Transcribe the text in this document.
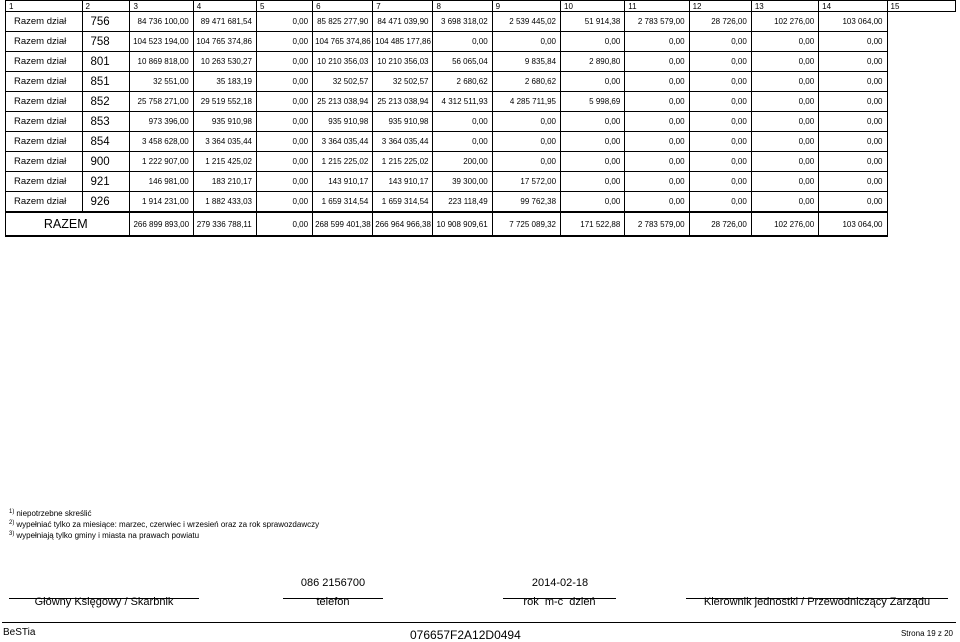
1	2	3	4	5	6	7	8	9	10	11	12	13	14	15
Razem dział	756	84 736 100,00	89 471 681,54	0,00	85 825 277,90	84 471 039,90	3 698 318,02	2 539 445,02	51 914,38	2 783 579,00	28 726,00	102 276,00	103 064,00	
Razem dział	758	104 523 194,00	104 765 374,86	0,00	104 765 374,86	104 485 177,86	0,00	0,00	0,00	0,00	0,00	0,00	0,00	
Razem dział	801	10 869 818,00	10 263 530,27	0,00	10 210 356,03	10 210 356,03	56 065,04	9 835,84	2 890,80	0,00	0,00	0,00	0,00	
Razem dział	851	32 551,00	35 183,19	0,00	32 502,57	32 502,57	2 680,62	2 680,62	0,00	0,00	0,00	0,00	0,00	
Razem dział	852	25 758 271,00	29 519 552,18	0,00	25 213 038,94	25 213 038,94	4 312 511,93	4 285 711,95	5 998,69	0,00	0,00	0,00	0,00	
Razem dział	853	973 396,00	935 910,98	0,00	935 910,98	935 910,98	0,00	0,00	0,00	0,00	0,00	0,00	0,00	
Razem dział	854	3 458 628,00	3 364 035,44	0,00	3 364 035,44	3 364 035,44	0,00	0,00	0,00	0,00	0,00	0,00	0,00	
Razem dział	900	1 222 907,00	1 215 425,02	0,00	1 215 225,02	1 215 225,02	200,00	0,00	0,00	0,00	0,00	0,00	0,00	
Razem dział	921	146 981,00	183 210,17	0,00	143 910,17	143 910,17	39 300,00	17 572,00	0,00	0,00	0,00	0,00	0,00	
Razem dział	926	1 914 231,00	1 882 433,03	0,00	1 659 314,54	1 659 314,54	223 118,49	99 762,38	0,00	0,00	0,00	0,00	0,00	
RAZEM		266 899 893,00	279 336 788,11	0,00	268 599 401,38	266 964 966,38	10 908 909,61	7 725 089,32	171 522,88	2 783 579,00	28 726,00	102 276,00	103 064,00	
$^{1)}$ niepotrzebne skreślić
$^{2)}$ wypełniać tylko za miesiące: marzec, czerwiec i wrzesień oraz za rok sprawozdawczy
$^{3)}$ wypełniają tylko gminy i miasta na prawach powiatu
086 2156700	2014-02-18
Główny Księgowy / Skarbnik	telefon	rok  m-c  dzień	Kierownik jednostki / Przewodniczący Zarządu
BeSTia	076657F2A12D0494	Strona 19 z 20
